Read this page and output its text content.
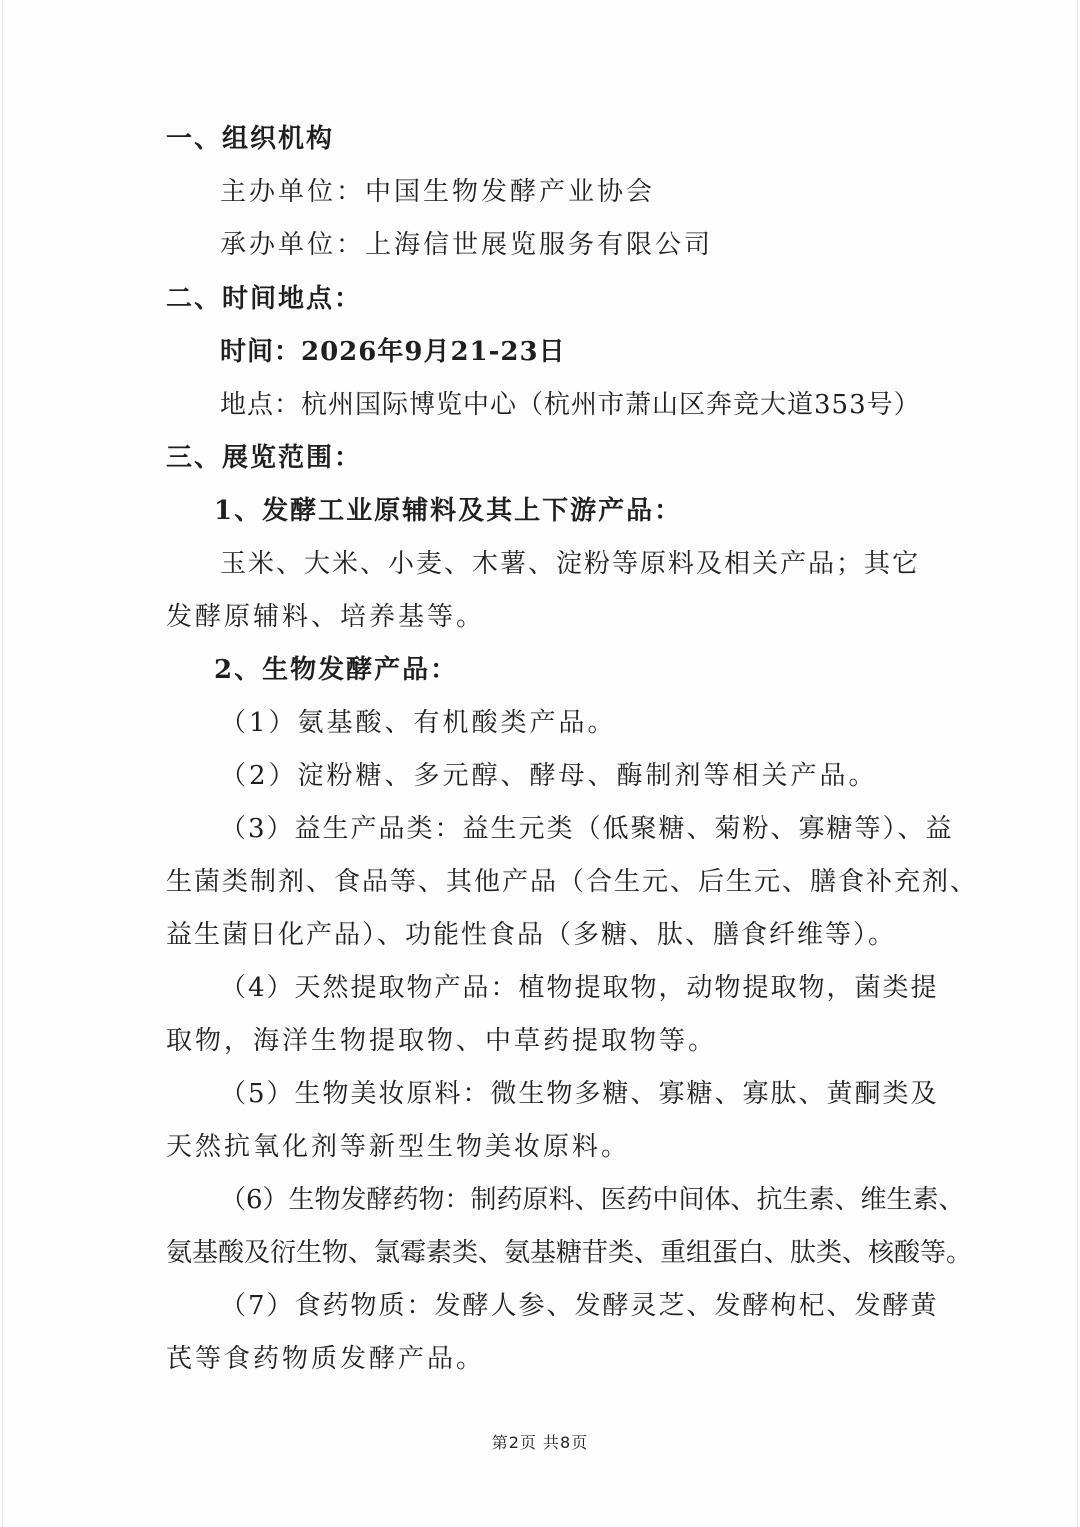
一、组织机构
主办单位：中国生物发酵产业协会
承办单位：上海信世展览服务有限公司
二、时间地点：
时间：2026年9月21-23日
地点：杭州国际博览中心（杭州市萧山区奔竞大道353号）
三、展览范围：
1、发酵工业原辅料及其上下游产品：
玉米、大米、小麦、木薯、淀粉等原料及相关产品；其它
发酵原辅料、培养基等。
2、生物发酵产品：
（1）氨基酸、有机酸类产品。
（2）淀粉糖、多元醇、酵母、酶制剂等相关产品。
（3）益生产品类：益生元类（低聚糖、菊粉、寡糖等）、益
生菌类制剂、食品等、其他产品（合生元、后生元、膳食补充剂、
益生菌日化产品）、功能性食品（多糖、肽、膳食纤维等）。
（4）天然提取物产品：植物提取物，动物提取物，菌类提
取物，海洋生物提取物、中草药提取物等。
（5）生物美妆原料：微生物多糖、寡糖、寡肽、黄酮类及
天然抗氧化剂等新型生物美妆原料。
（6）生物发酵药物：制药原料、医药中间体、抗生素、维生素、
氨基酸及衍生物、氯霉素类、氨基糖苷类、重组蛋白、肽类、核酸等。
（7）食药物质：发酵人参、发酵灵芝、发酵枸杞、发酵黄
芪等食药物质发酵产品。
第2页 共8页
